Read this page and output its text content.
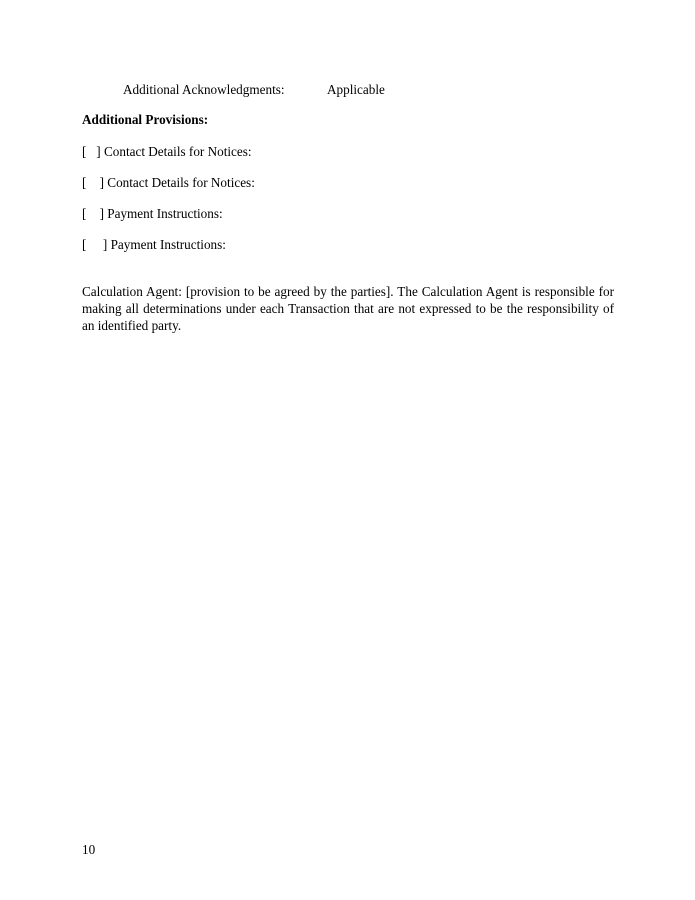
Additional Acknowledgments:	Applicable
Additional Provisions:
[   ] Contact Details for Notices:
[    ] Contact Details for Notices:
[    ] Payment Instructions:
[     ] Payment Instructions:
Calculation Agent: [provision to be agreed by the parties]. The Calculation Agent is responsible for making all determinations under each Transaction that are not expressed to be the responsibility of an identified party.
10
